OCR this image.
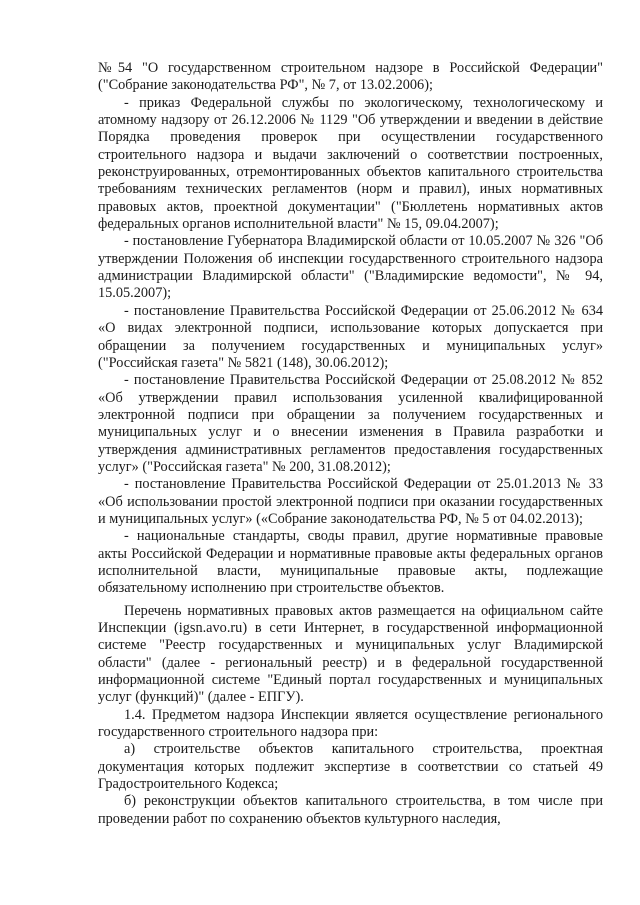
№54 "О государственном строительном надзоре в Российской Федерации" ("Собрание законодательства РФ", № 7, от 13.02.2006);

- приказ Федеральной службы по экологическому, технологическому и атомному надзору от 26.12.2006 № 1129 "Об утверждении и введении в действие Порядка проведения проверок при осуществлении государственного строительного надзора и выдачи заключений о соответствии построенных, реконструированных, отремонтированных объектов капитального строительства требованиям технических регламентов (норм и правил), иных нормативных правовых актов, проектной документации" ("Бюллетень нормативных актов федеральных органов исполнительной власти" № 15, 09.04.2007);

- постановление Губернатора Владимирской области от 10.05.2007 № 326 "Об утверждении Положения об инспекции государственного строительного надзора администрации Владимирской области" ("Владимирские ведомости", № 94, 15.05.2007);

- постановление Правительства Российской Федерации от 25.06.2012 № 634 «О видах электронной подписи, использование которых допускается при обращении за получением государственных и муниципальных услуг» ("Российская газета" № 5821 (148), 30.06.2012);

- постановление Правительства Российской Федерации от 25.08.2012 № 852 «Об утверждении правил использования усиленной квалифицированной электронной подписи при обращении за получением государственных и муниципальных услуг и о внесении изменения в Правила разработки и утверждения административных регламентов предоставления государственных услуг» ("Российская газета" № 200, 31.08.2012);

- постановление Правительства Российской Федерации от 25.01.2013 № 33 «Об использовании простой электронной подписи при оказании государственных и муниципальных услуг» («Собрание законодательства РФ, № 5 от 04.02.2013);

- национальные стандарты, своды правил, другие нормативные правовые акты Российской Федерации и нормативные правовые акты федеральных органов исполнительной власти, муниципальные правовые акты, подлежащие обязательному исполнению при строительстве объектов.

Перечень нормативных правовых актов размещается на официальном сайте Инспекции (igsn.avo.ru) в сети Интернет, в государственной информационной системе "Реестр государственных и муниципальных услуг Владимирской области" (далее - региональный реестр) и в федеральной государственной информационной системе "Единый портал государственных и муниципальных услуг (функций)" (далее - ЕПГУ).

1.4. Предметом надзора Инспекции является осуществление регионального государственного строительного надзора при:

а) строительстве объектов капитального строительства, проектная документация которых подлежит экспертизе в соответствии со статьей 49 Градостроительного Кодекса;

б) реконструкции объектов капитального строительства, в том числе при проведении работ по сохранению объектов культурного наследия,
